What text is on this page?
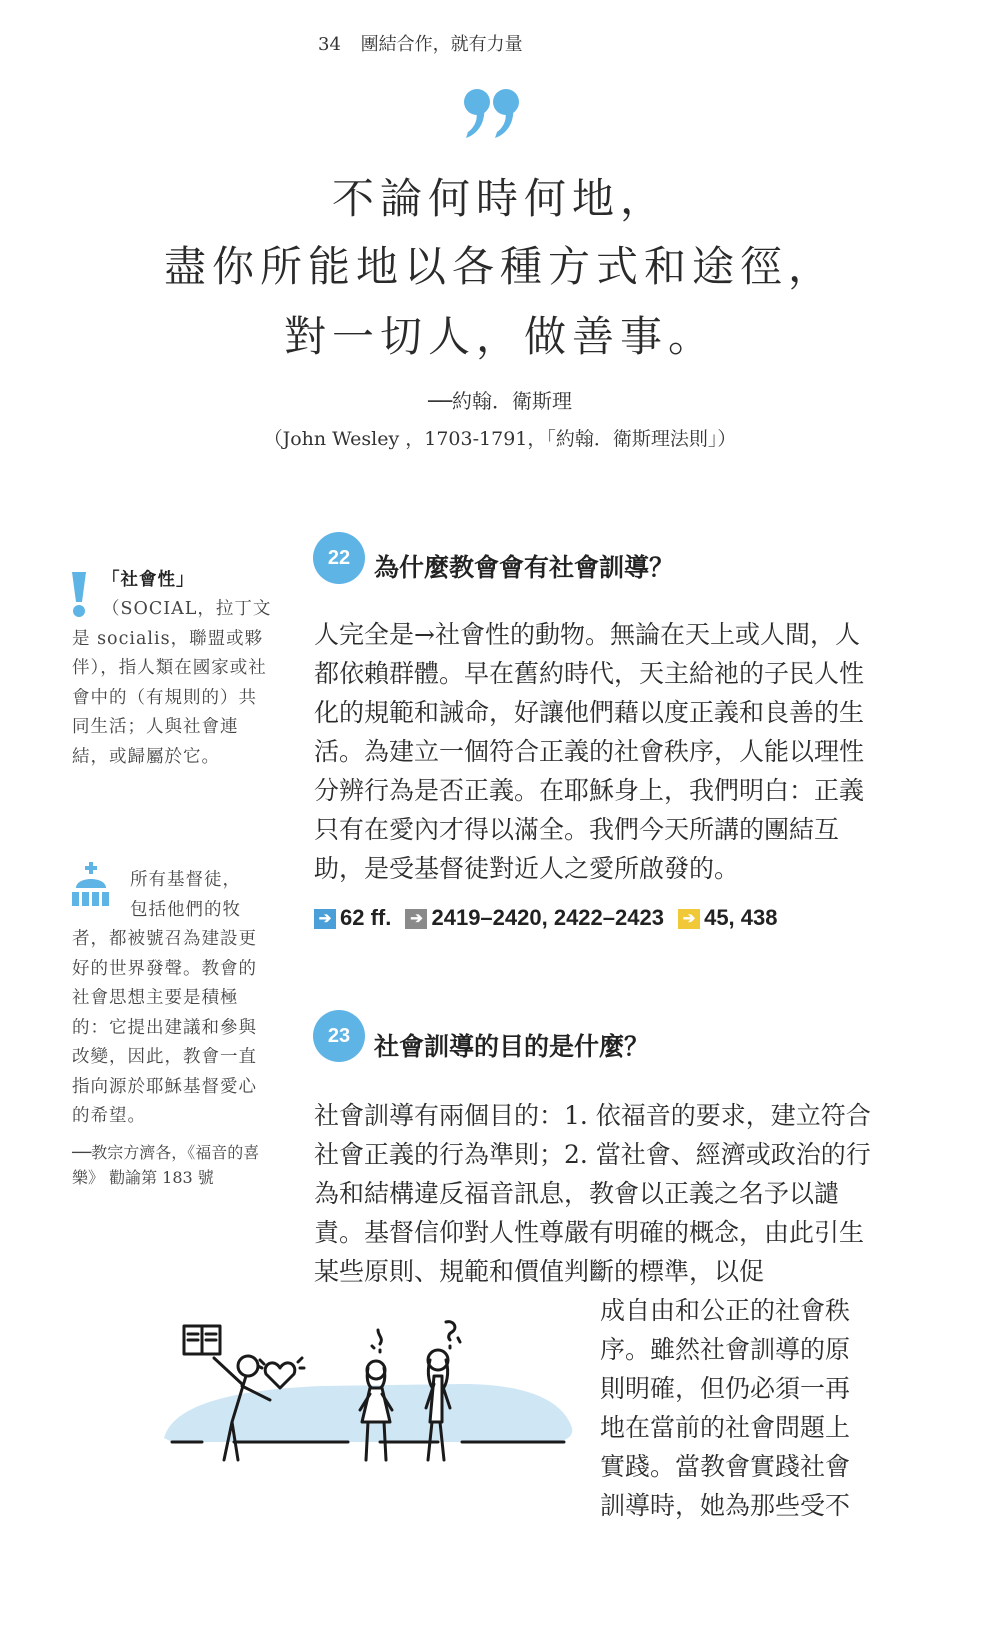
34 團結合作，就有力量
不論何時何地，
盡你所能地以各種方式和途徑，
對一切人，做善事。
──約翰．衛斯理
（John Wesley ，1703-1791，「約翰．衛斯理法則」）
「社會性」
（SOCIAL，拉丁文是 socialis，聯盟或夥伴），指人類在國家或社會中的（有規則的）共同生活；人與社會連結，或歸屬於它。
所有基督徒，
包括他們的牧
者，都被號召為建設更好的世界發聲。教會的社會思想主要是積極的：它提出建議和參與改變，因此，教會一直指向源於耶穌基督愛心的希望。
──教宗方濟各，《福音的喜樂》 勸諭第 183 號
22 為什麼教會會有社會訓導？
人完全是→社會性的動物。無論在天上或人間，人都依賴群體。早在舊約時代，天主給祂的子民人性化的規範和誡命，好讓他們藉以度正義和良善的生活。為建立一個符合正義的社會秩序，人能以理性分辨行為是否正義。在耶穌身上，我們明白：正義只有在愛內才得以滿全。我們今天所講的團結互助，是受基督徒對近人之愛所啟發的。
➔ 62 ff. ➔ 2419–2420, 2422–2423 ➔ 45, 438
23 社會訓導的目的是什麼？
社會訓導有兩個目的：1. 依福音的要求，建立符合社會正義的行為準則；2. 當社會、經濟或政治的行為和結構違反福音訊息，教會以正義之名予以譴責。基督信仰對人性尊嚴有明確的概念，由此引生某些原則、規範和價值判斷的標準，以促
成自由和公正的社會秩序。雖然社會訓導的原則明確，但仍必須一再地在當前的社會問題上實踐。當教會實踐社會訓導時，她為那些受不
